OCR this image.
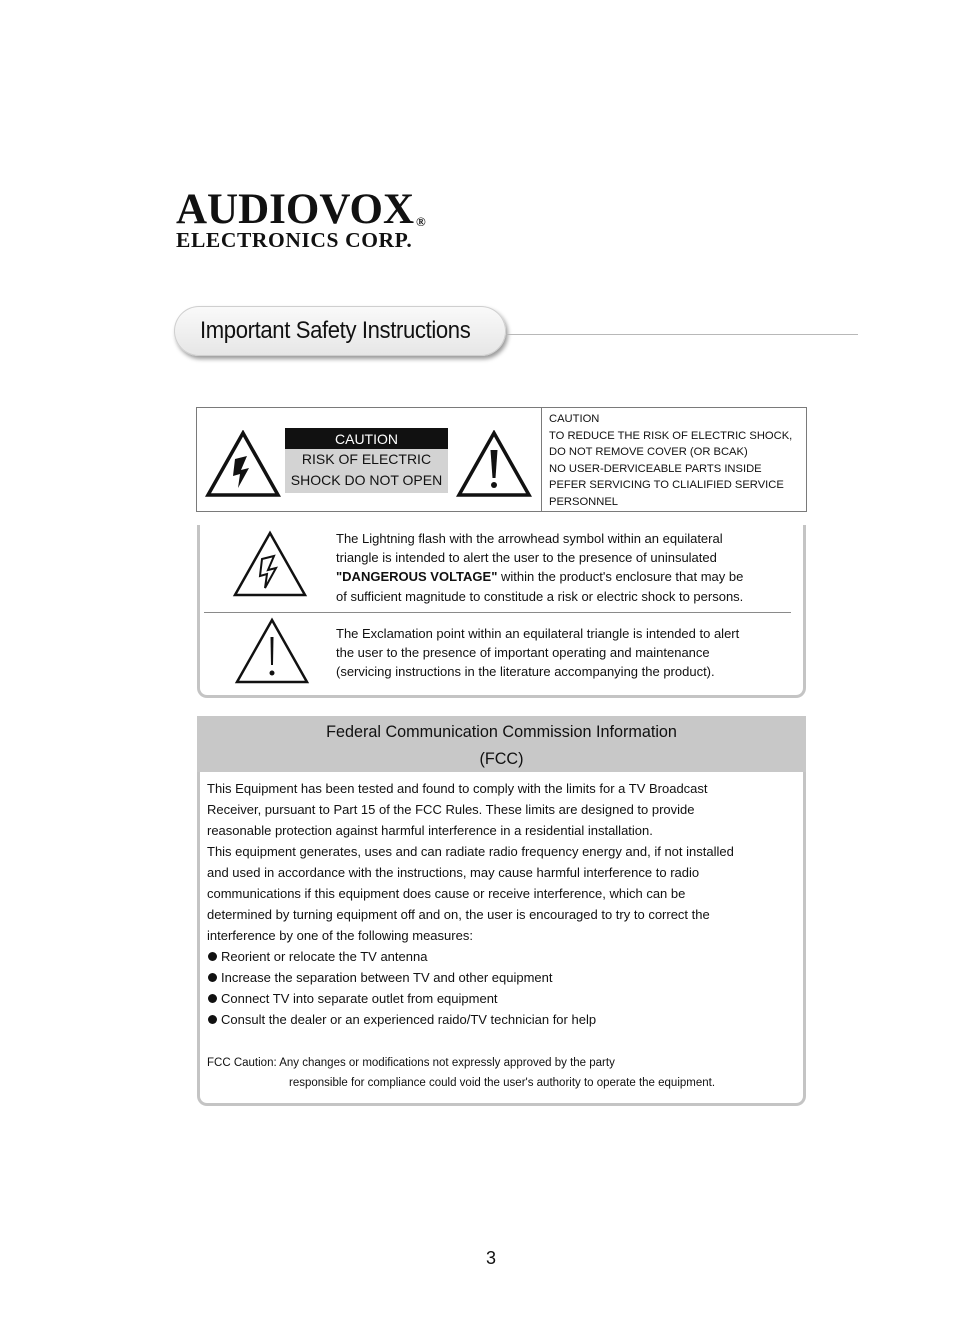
AUDIOVOX ®
ELECTRONICS CORP.
Important Safety Instructions
CAUTION
RISK OF ELECTRIC
SHOCK DO NOT OPEN
CAUTION
TO REDUCE THE RISK OF ELECTRIC SHOCK,
DO NOT REMOVE COVER (OR BCAK)
NO USER-DERVICEABLE PARTS INSIDE
PEFER SERVICING TO CLIALIFIED SERVICE
PERSONNEL
The Lightning flash with the arrowhead symbol within an equilateral
triangle is intended to alert the user to the presence of uninsulated
"DANGEROUS VOLTAGE" within the product's enclosure that may be
of sufficient magnitude to constitude a risk or electric shock to persons.
The Exclamation point within an equilateral triangle is intended to alert
the user to the presence of important operating and maintenance
(servicing instructions in the literature accompanying the product).
Federal Communication Commission Information
(FCC)
This Equipment has been tested and found to comply with the limits for a TV Broadcast
Receiver, pursuant to Part 15 of the FCC Rules. These limits are designed to provide
reasonable protection against harmful interference in a residential installation.
This equipment generates, uses and can radiate radio frequency energy and, if not installed
and used in accordance with the instructions, may cause harmful interference to radio
communications if this equipment does cause or receive interference, which can be
determined by turning equipment off and on, the user is encouraged to try to correct the
interference by one of the following measures:
Reorient or relocate the TV antenna
Increase the separation between TV and other equipment
Connect TV into separate outlet from equipment
Consult the dealer or an experienced raido/TV technician for help
FCC Caution: Any changes or modifications not expressly approved by the party
responsible for compliance could void the user's authority to operate the equipment.
3
